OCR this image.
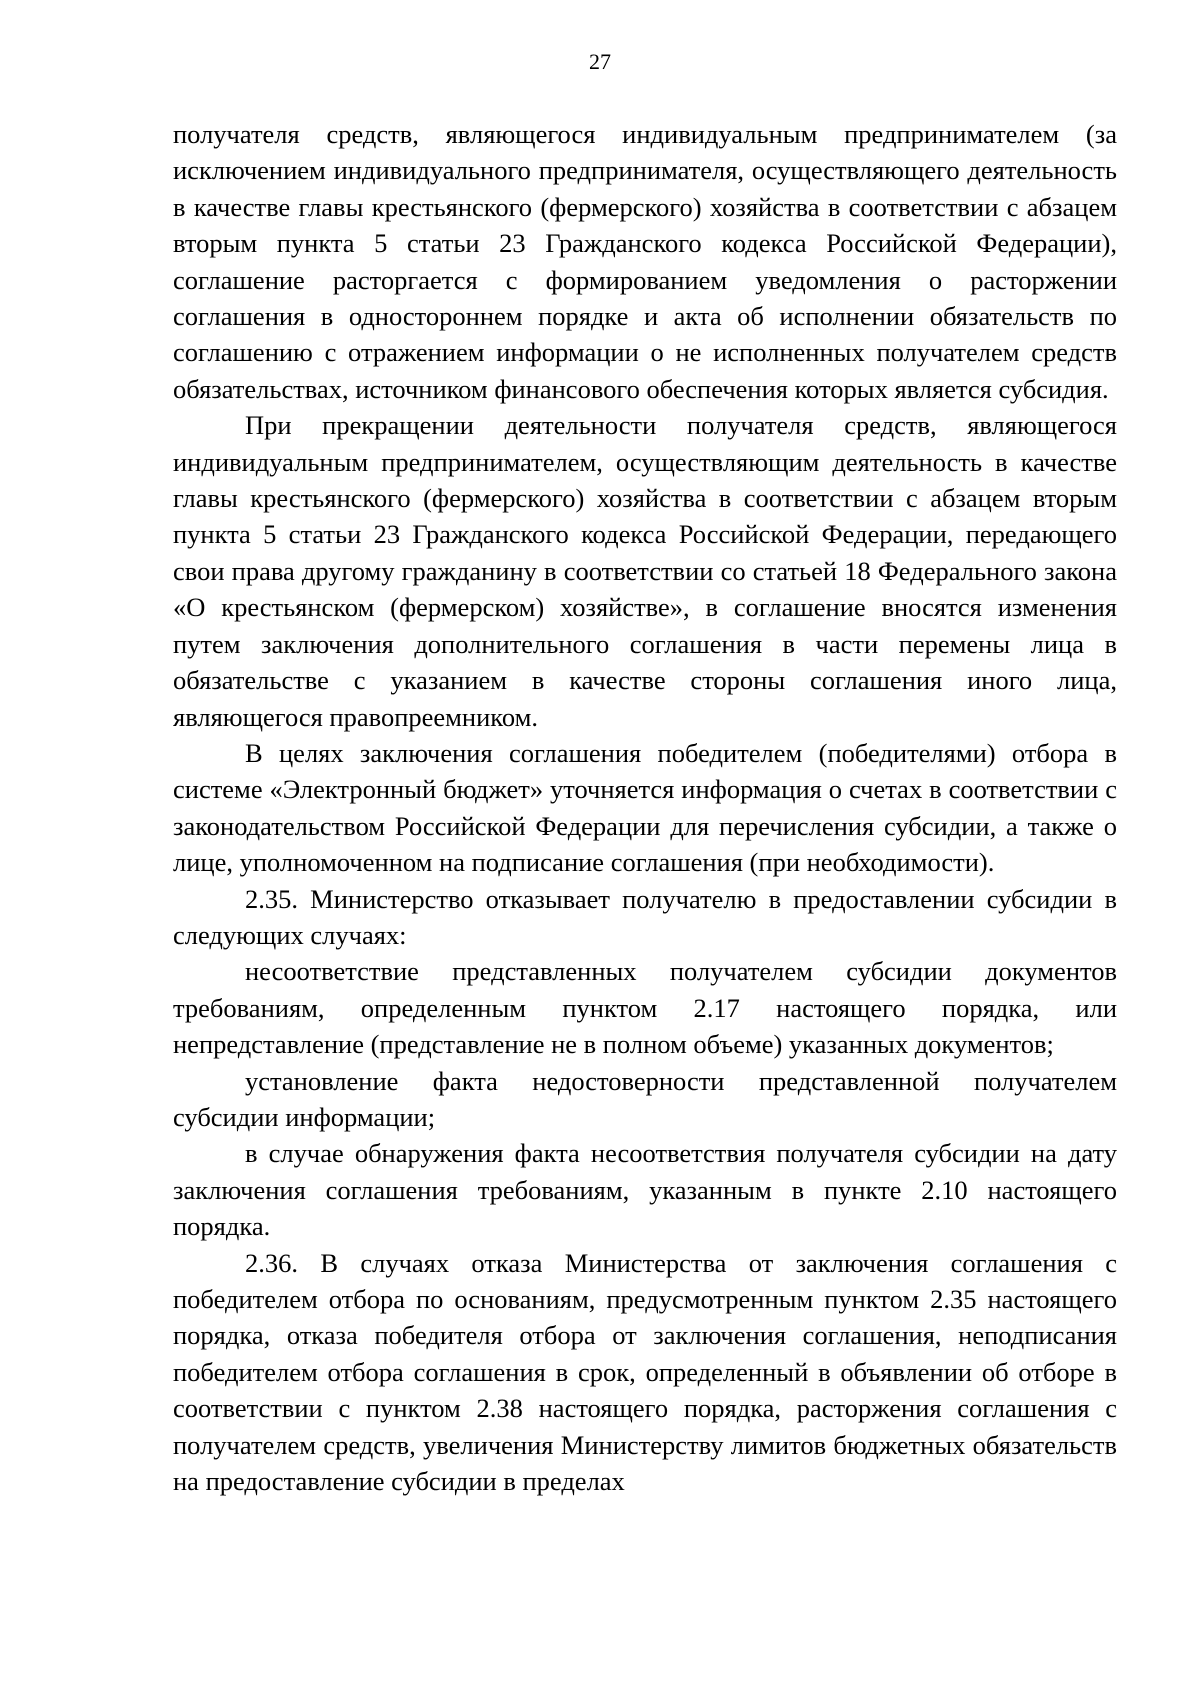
27

получателя средств, являющегося индивидуальным предпринимателем (за исключением индивидуального предпринимателя, осуществляющего деятельность в качестве главы крестьянского (фермерского) хозяйства в соответствии с абзацем вторым пункта 5 статьи 23 Гражданского кодекса Российской Федерации), соглашение расторгается с формированием уведомления о расторжении соглашения в одностороннем порядке и акта об исполнении обязательств по соглашению с отражением информации о не исполненных получателем средств обязательствах, источником финансового обеспечения которых является субсидия.

При прекращении деятельности получателя средств, являющегося индивидуальным предпринимателем, осуществляющим деятельность в качестве главы крестьянского (фермерского) хозяйства в соответствии с абзацем вторым пункта 5 статьи 23 Гражданского кодекса Российской Федерации, передающего свои права другому гражданину в соответствии со статьей 18 Федерального закона «О крестьянском (фермерском) хозяйстве», в соглашение вносятся изменения путем заключения дополнительного соглашения в части перемены лица в обязательстве с указанием в качестве стороны соглашения иного лица, являющегося правопреемником.

В целях заключения соглашения победителем (победителями) отбора в системе «Электронный бюджет» уточняется информация о счетах в соответствии с законодательством Российской Федерации для перечисления субсидии, а также о лице, уполномоченном на подписание соглашения (при необходимости).

2.35. Министерство отказывает получателю в предоставлении субсидии в следующих случаях:

несоответствие представленных получателем субсидии документов требованиям, определенным пунктом 2.17 настоящего порядка, или непредставление (представление не в полном объеме) указанных документов;

установление факта недостоверности представленной получателем субсидии информации;

в случае обнаружения факта несоответствия получателя субсидии на дату заключения соглашения требованиям, указанным в пункте 2.10 настоящего порядка.

2.36. В случаях отказа Министерства от заключения соглашения с победителем отбора по основаниям, предусмотренным пунктом 2.35 настоящего порядка, отказа победителя отбора от заключения соглашения, неподписания победителем отбора соглашения в срок, определенный в объявлении об отборе в соответствии с пунктом 2.38 настоящего порядка, расторжения соглашения с получателем средств, увеличения Министерству лимитов бюджетных обязательств на предоставление субсидии в пределах
